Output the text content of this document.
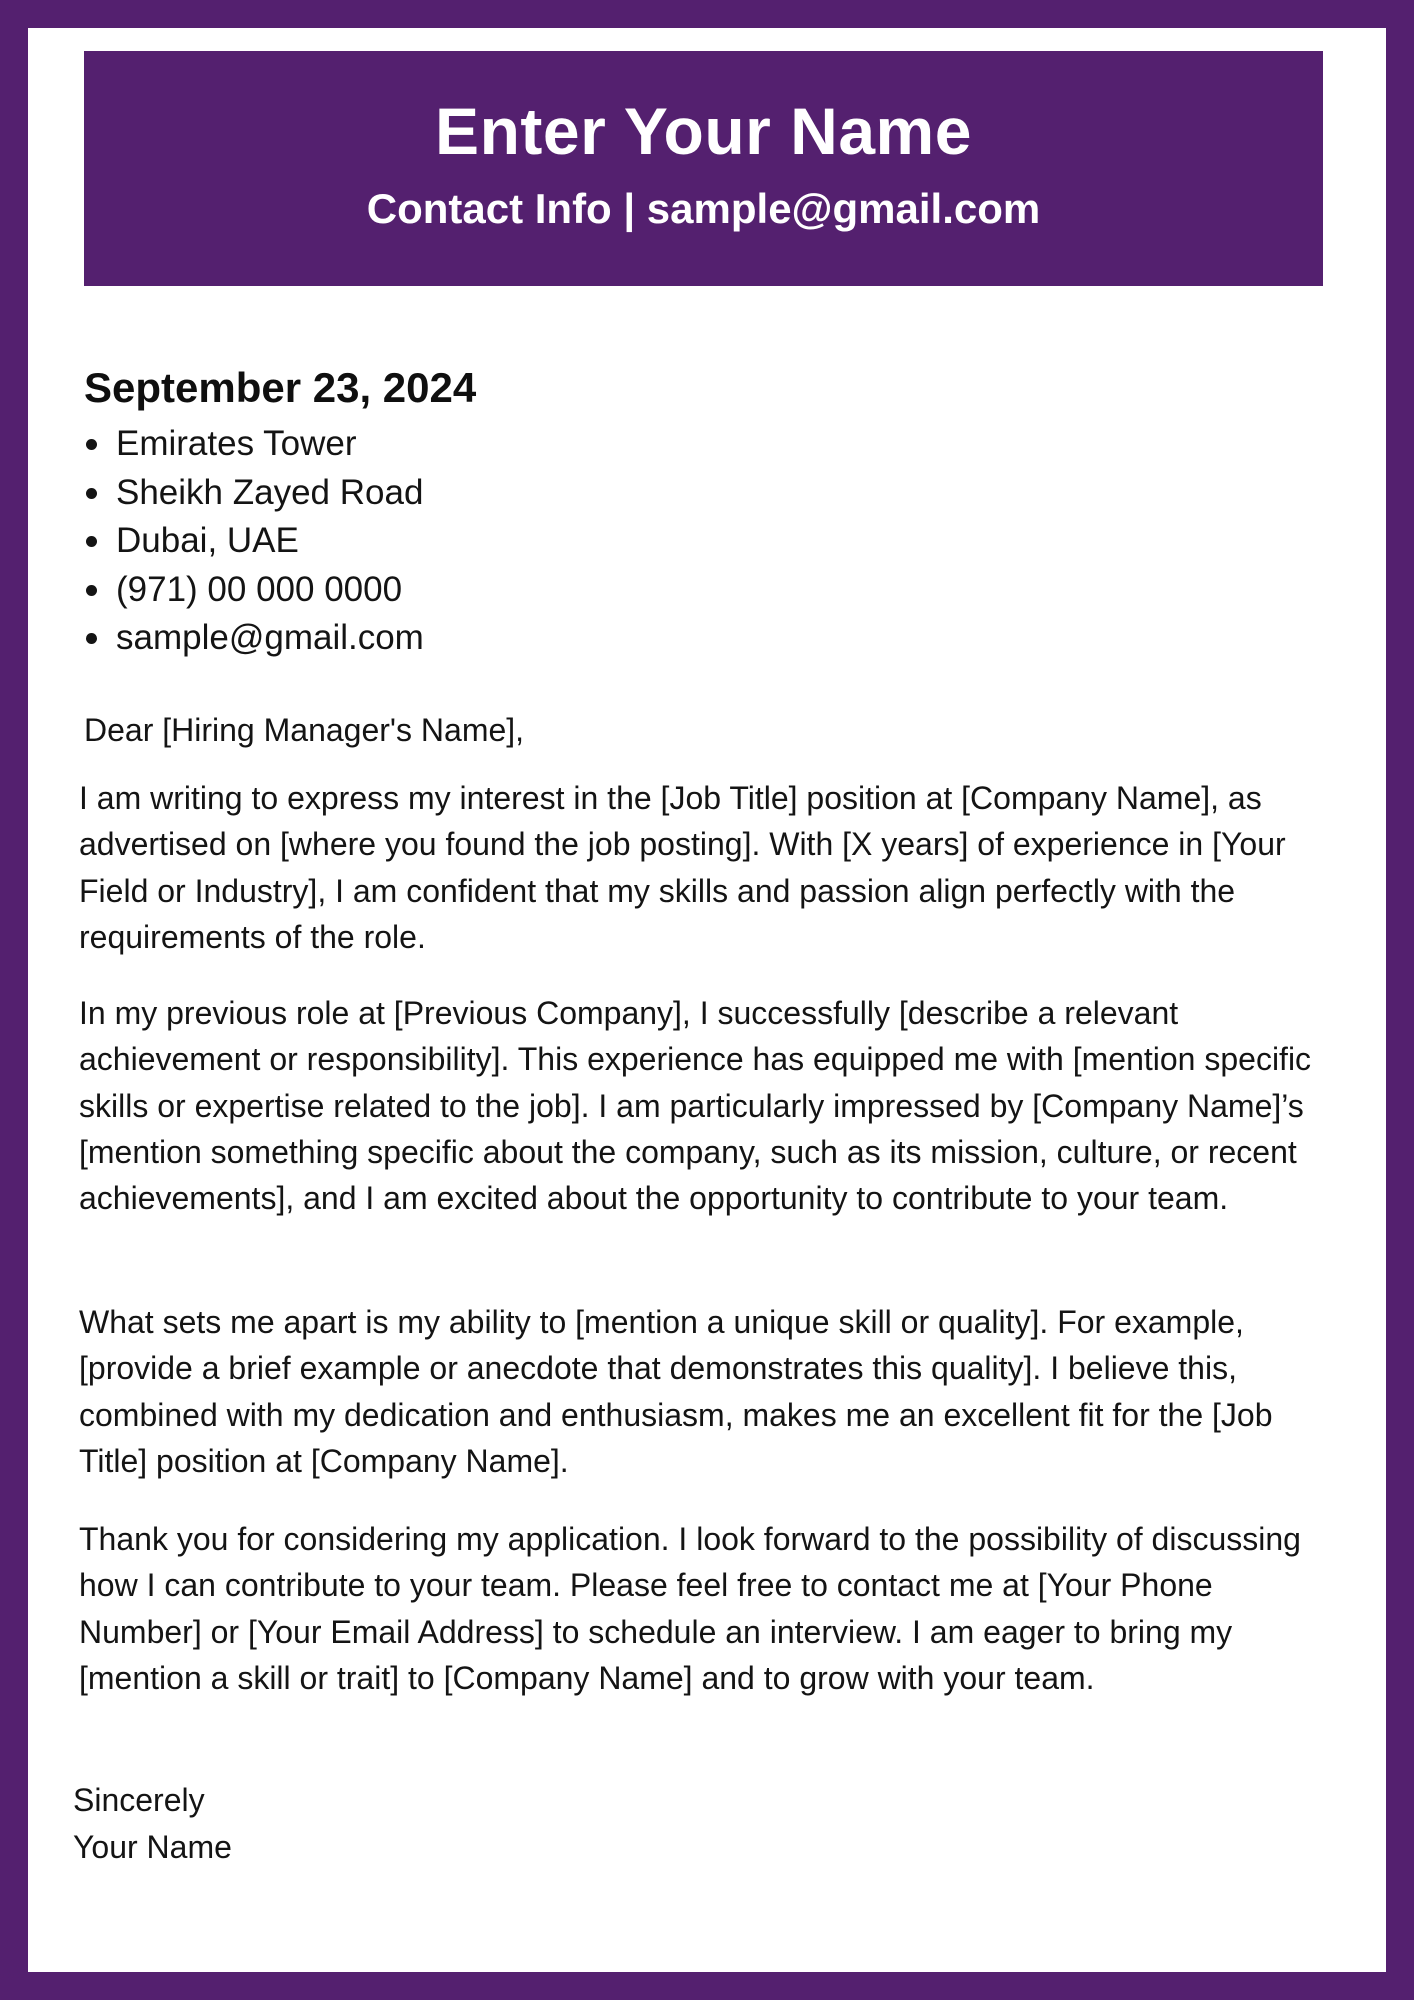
Enter Your Name
Contact Info | sample@gmail.com
September 23, 2024
Emirates Tower
Sheikh Zayed Road
Dubai, UAE
(971) 00 000 0000
sample@gmail.com
Dear [Hiring Manager's Name],

I am writing to express my interest in the [Job Title] position at [Company Name], as advertised on [where you found the job posting]. With [X years] of experience in [Your Field or Industry], I am confident that my skills and passion align perfectly with the requirements of the role.

In my previous role at [Previous Company], I successfully [describe a relevant achievement or responsibility]. This experience has equipped me with [mention specific skills or expertise related to the job]. I am particularly impressed by [Company Name]’s [mention something specific about the company, such as its mission, culture, or recent achievements], and I am excited about the opportunity to contribute to your team.

What sets me apart is my ability to [mention a unique skill or quality]. For example, [provide a brief example or anecdote that demonstrates this quality]. I believe this, combined with my dedication and enthusiasm, makes me an excellent fit for the [Job Title] position at [Company Name].

Thank you for considering my application. I look forward to the possibility of discussing how I can contribute to your team. Please feel free to contact me at [Your Phone Number] or [Your Email Address] to schedule an interview. I am eager to bring my [mention a skill or trait] to [Company Name] and to grow with your team.

Sincerely
Your Name
